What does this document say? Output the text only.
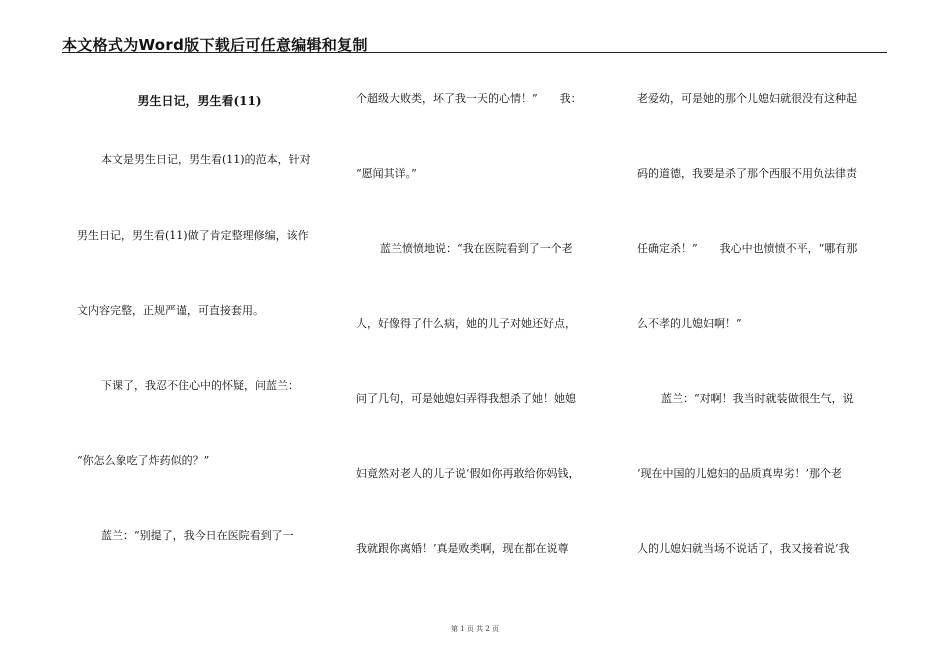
本文格式为Word版下载后可任意编辑和复制
男生日记，男生看(11)
本文是男生日记，男生看(11)的范本，针对
男生日记，男生看(11)做了肯定整理修编，该作
文内容完整，正规严谨，可直接套用。
下课了，我忍不住心中的怀疑，问蓝兰：
“你怎么象吃了炸药似的？”
蓝兰：“别提了，我今日在医院看到了一
个超级大败类，坏了我一天的心情！”　　我：
“愿闻其详。”
蓝兰愤愤地说：“我在医院看到了一个老
人，好像得了什么病，她的儿子对她还好点，
问了几句，可是她媳妇弄得我想杀了她！她媳
妇竟然对老人的儿子说‘假如你再敢给你妈钱，
我就跟你离婚！’真是败类啊，现在都在说尊
老爱幼，可是她的那个儿媳妇就很没有这种起
码的道德，我要是杀了那个西服不用负法律责
任确定杀！”　　我心中也愤愤不平，“哪有那
么不孝的儿媳妇啊！”
蓝兰：“对啊！我当时就装做很生气，说
‘现在中国的儿媳妇的品质真卑劣！’那个老
人的儿媳妇就当场不说话了，我又接着说‘我
第 1 页 共 2 页
